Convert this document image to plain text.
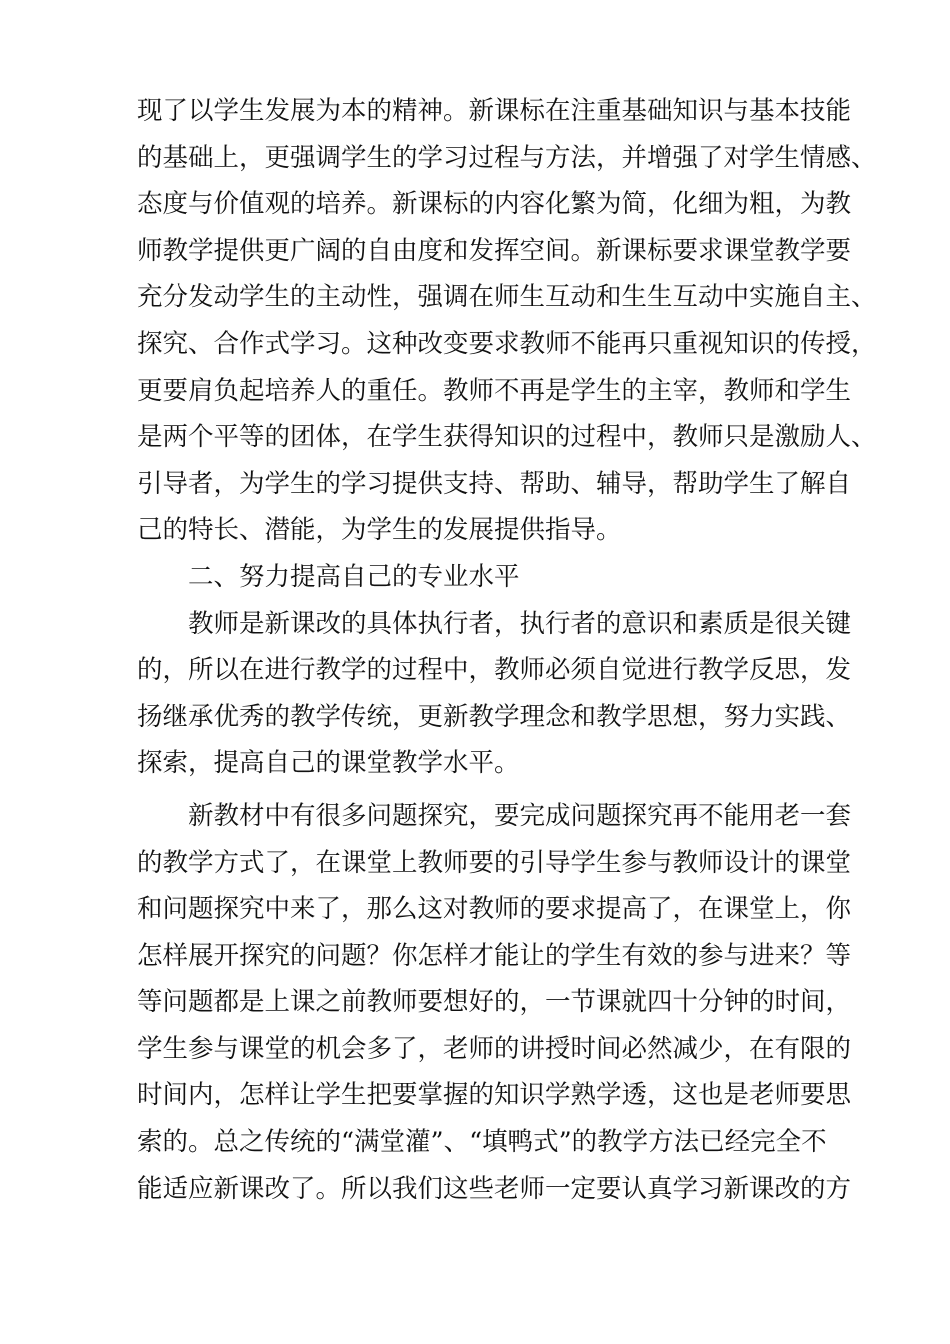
现了以学生发展为本的精神。新课标在注重基础知识与基本技能
的基础上，更强调学生的学习过程与方法，并增强了对学生情感、
态度与价值观的培养。新课标的内容化繁为简，化细为粗，为教
师教学提供更广阔的自由度和发挥空间。新课标要求课堂教学要
充分发动学生的主动性，强调在师生互动和生生互动中实施自主、
探究、合作式学习。这种改变要求教师不能再只重视知识的传授，
更要肩负起培养人的重任。教师不再是学生的主宰，教师和学生
是两个平等的团体，在学生获得知识的过程中，教师只是激励人、
引导者，为学生的学习提供支持、帮助、辅导，帮助学生了解自
己的特长、潜能，为学生的发展提供指导。
二、努力提高自己的专业水平
教师是新课改的具体执行者，执行者的意识和素质是很关键
的，所以在进行教学的过程中，教师必须自觉进行教学反思，发
扬继承优秀的教学传统，更新教学理念和教学思想，努力实践、
探索，提高自己的课堂教学水平。
新教材中有很多问题探究，要完成问题探究再不能用老一套
的教学方式了，在课堂上教师要的引导学生参与教师设计的课堂
和问题探究中来了，那么这对教师的要求提高了，在课堂上，你
怎样展开探究的问题？你怎样才能让的学生有效的参与进来？等
等问题都是上课之前教师要想好的，一节课就四十分钟的时间，
学生参与课堂的机会多了，老师的讲授时间必然减少，在有限的
时间内，怎样让学生把要掌握的知识学熟学透，这也是老师要思
索的。总之传统的“满堂灌”、“填鸭式”的教学方法已经完全不
能适应新课改了。所以我们这些老师一定要认真学习新课改的方
